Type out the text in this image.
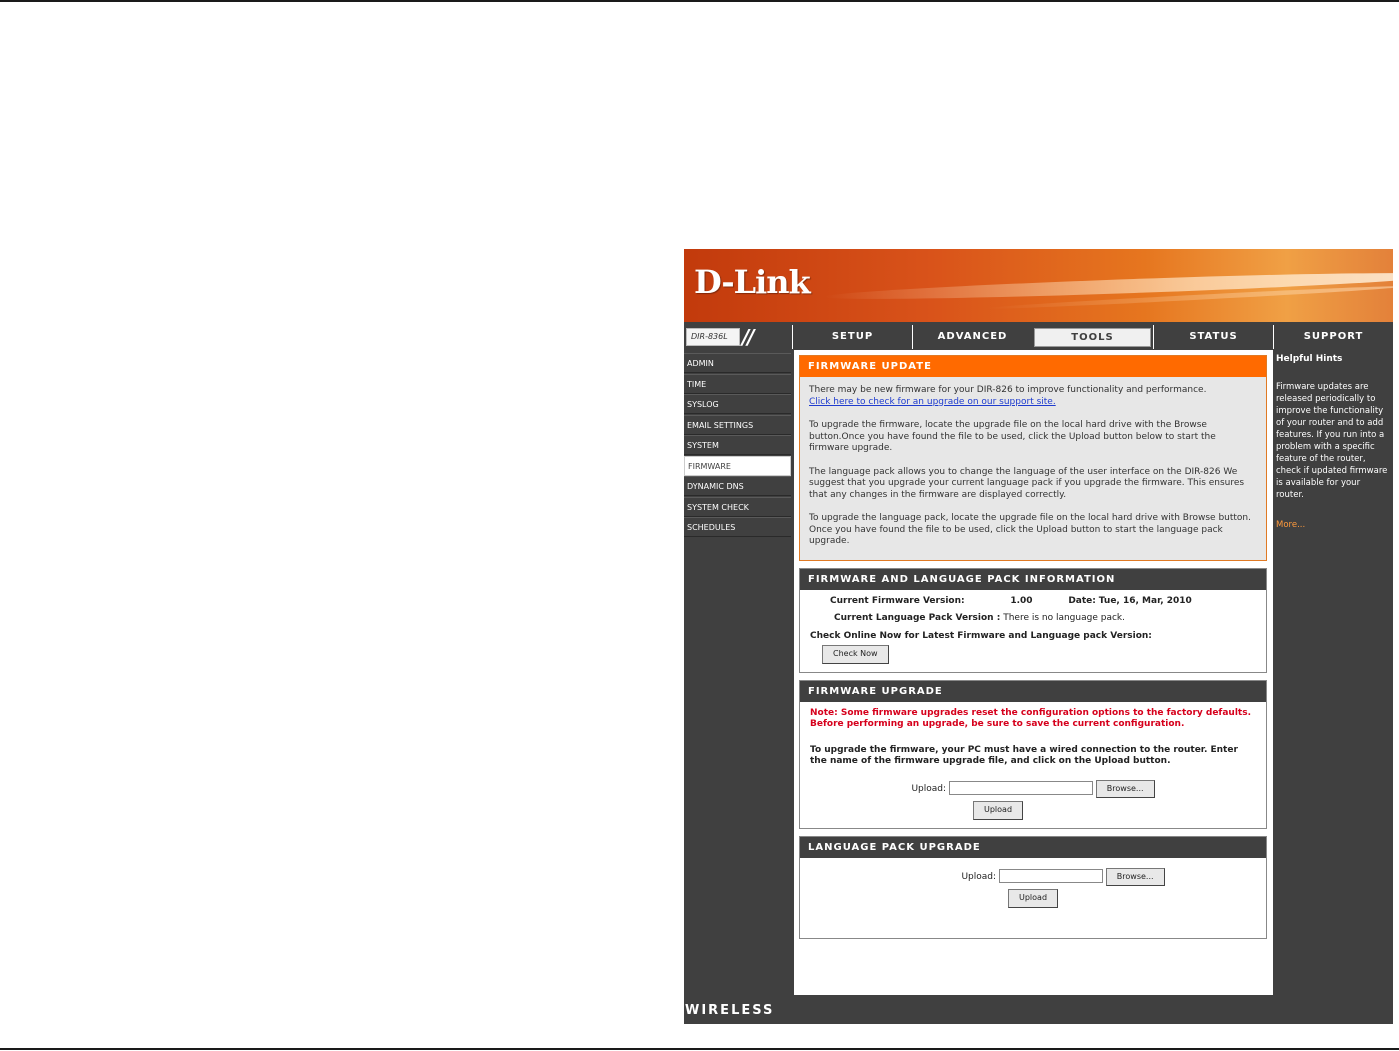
D-Link
DIR-836L //	SETUP	ADVANCED	TOOLS	STATUS	SUPPORT
ADMIN
TIME
SYSLOG
EMAIL SETTINGS
SYSTEM
FIRMWARE
DYNAMIC DNS
SYSTEM CHECK
SCHEDULES
WIRELESS
FIRMWARE UPDATE

There may be new firmware for your DIR-826 to improve functionality and performance.
Click here to check for an upgrade on our support site.

To upgrade the firmware, locate the upgrade file on the local hard drive with the Browse button.Once you have found the file to be used, click the Upload button below to start the firmware upgrade.

The language pack allows you to change the language of the user interface on the DIR-826 We suggest that you upgrade your current language pack if you upgrade the firmware. This ensures that any changes in the firmware are displayed correctly.

To upgrade the language pack, locate the upgrade file on the local hard drive with Browse button. Once you have found the file to be used, click the Upload button to start the language pack upgrade.

FIRMWARE AND LANGUAGE PACK INFORMATION
Current Firmware Version:	1.00	Date: Tue, 16, Mar, 2010
Current Language Pack Version : There is no language pack.
Check Online Now for Latest Firmware and Language pack Version:
Check Now
FIRMWARE UPGRADE
Note: Some firmware upgrades reset the configuration options to the factory defaults. Before performing an upgrade, be sure to save the current configuration.
To upgrade the firmware, your PC must have a wired connection to the router. Enter the name of the firmware upgrade file, and click on the Upload button.
Upload:	Browse...
Upload
LANGUAGE PACK UPGRADE
Upload:	Browse...
Upload
Helpful Hints
Firmware updates are released periodically to improve the functionality of your router and to add features. If you run into a problem with a specific feature of the router, check if updated firmware is available for your router.
More...
